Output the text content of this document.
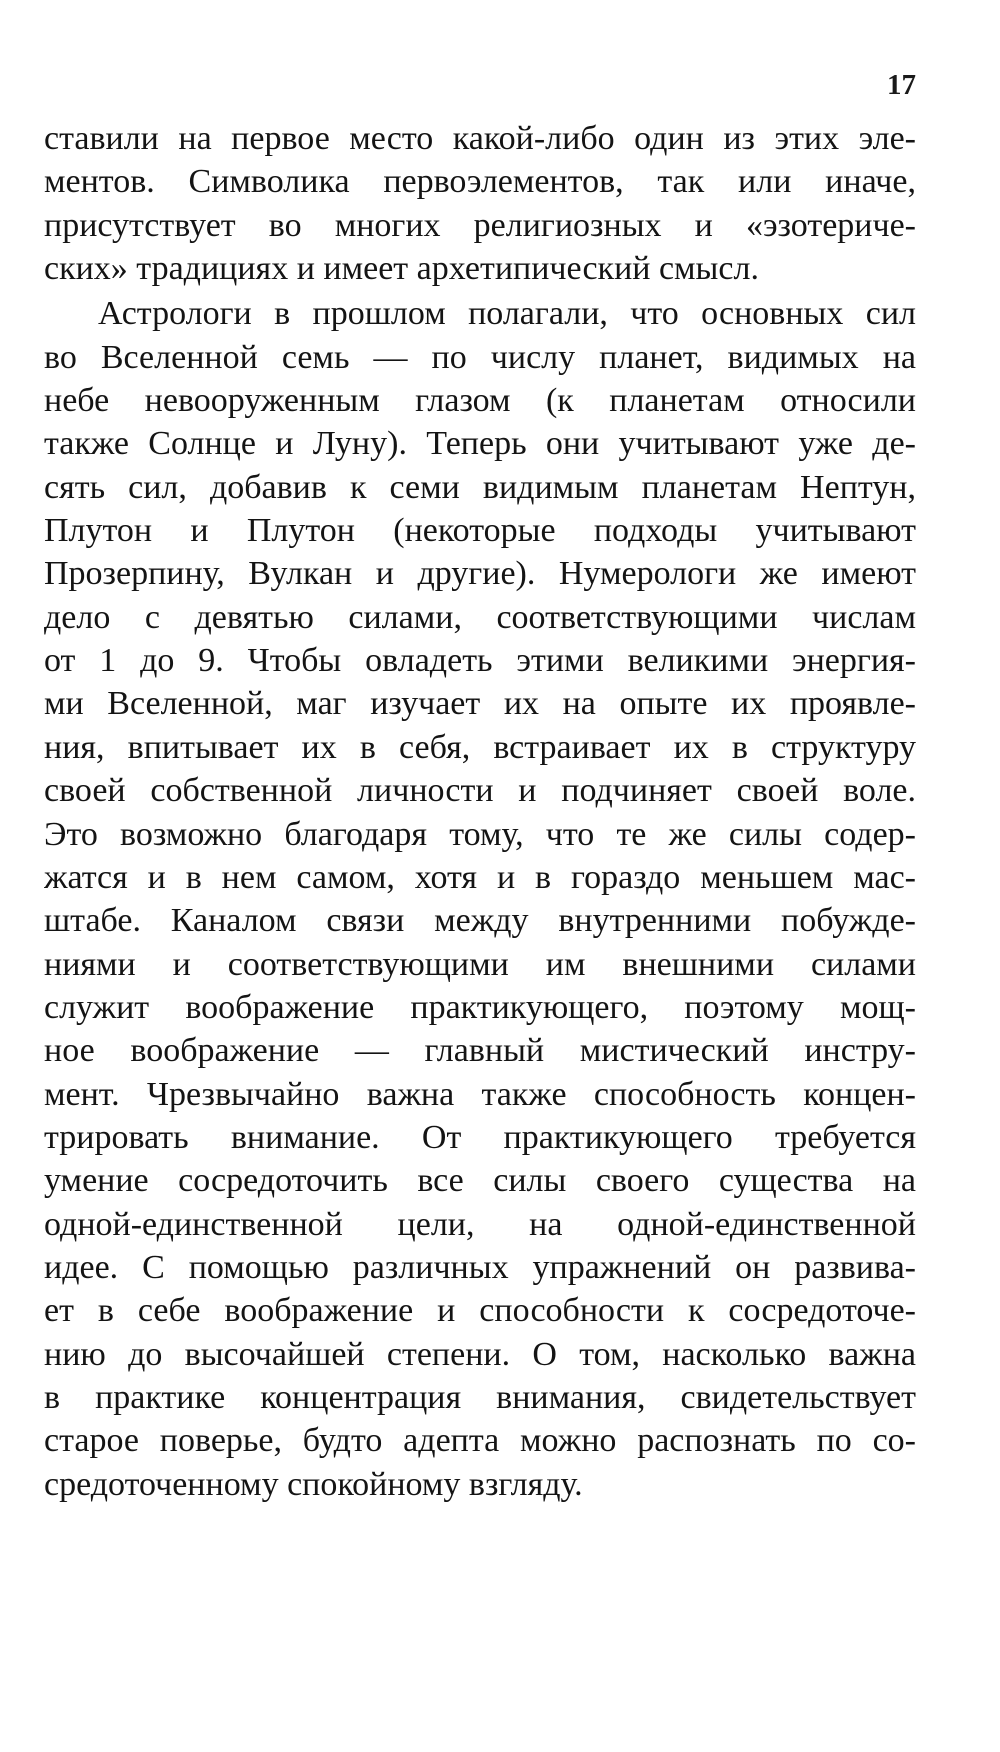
17
ставили на первое место какой-либо один из этих эле-
ментов. Символика первоэлементов, так или иначе,
присутствует во многих религиозных и «эзотериче-
ских» традициях и имеет архетипический смысл.
Астрологи в прошлом полагали, что основных сил
во Вселенной семь — по числу планет, видимых на
небе невооруженным глазом (к планетам относили
также Солнце и Луну). Теперь они учитывают уже де-
сять сил, добавив к семи видимым планетам Нептун,
Плутон и Плутон (некоторые подходы учитывают
Прозерпину, Вулкан и другие). Нумерологи же имеют
дело с девятью силами, соответствующими числам
от 1 до 9. Чтобы овладеть этими великими энергия-
ми Вселенной, маг изучает их на опыте их проявле-
ния, впитывает их в себя, встраивает их в структуру
своей собственной личности и подчиняет своей воле.
Это возможно благодаря тому, что те же силы содер-
жатся и в нем самом, хотя и в гораздо меньшем мас-
штабе. Каналом связи между внутренними побужде-
ниями и соответствующими им внешними силами
служит воображение практикующего, поэтому мощ-
ное воображение — главный мистический инстру-
мент. Чрезвычайно важна также способность концен-
трировать внимание. От практикующего требуется
умение сосредоточить все силы своего существа на
одной-единственной цели, на одной-единственной
идее. С помощью различных упражнений он развива-
ет в себе воображение и способности к сосредоточе-
нию до высочайшей степени. О том, насколько важна
в практике концентрация внимания, свидетельствует
старое поверье, будто адепта можно распознать по со-
средоточенному спокойному взгляду.
